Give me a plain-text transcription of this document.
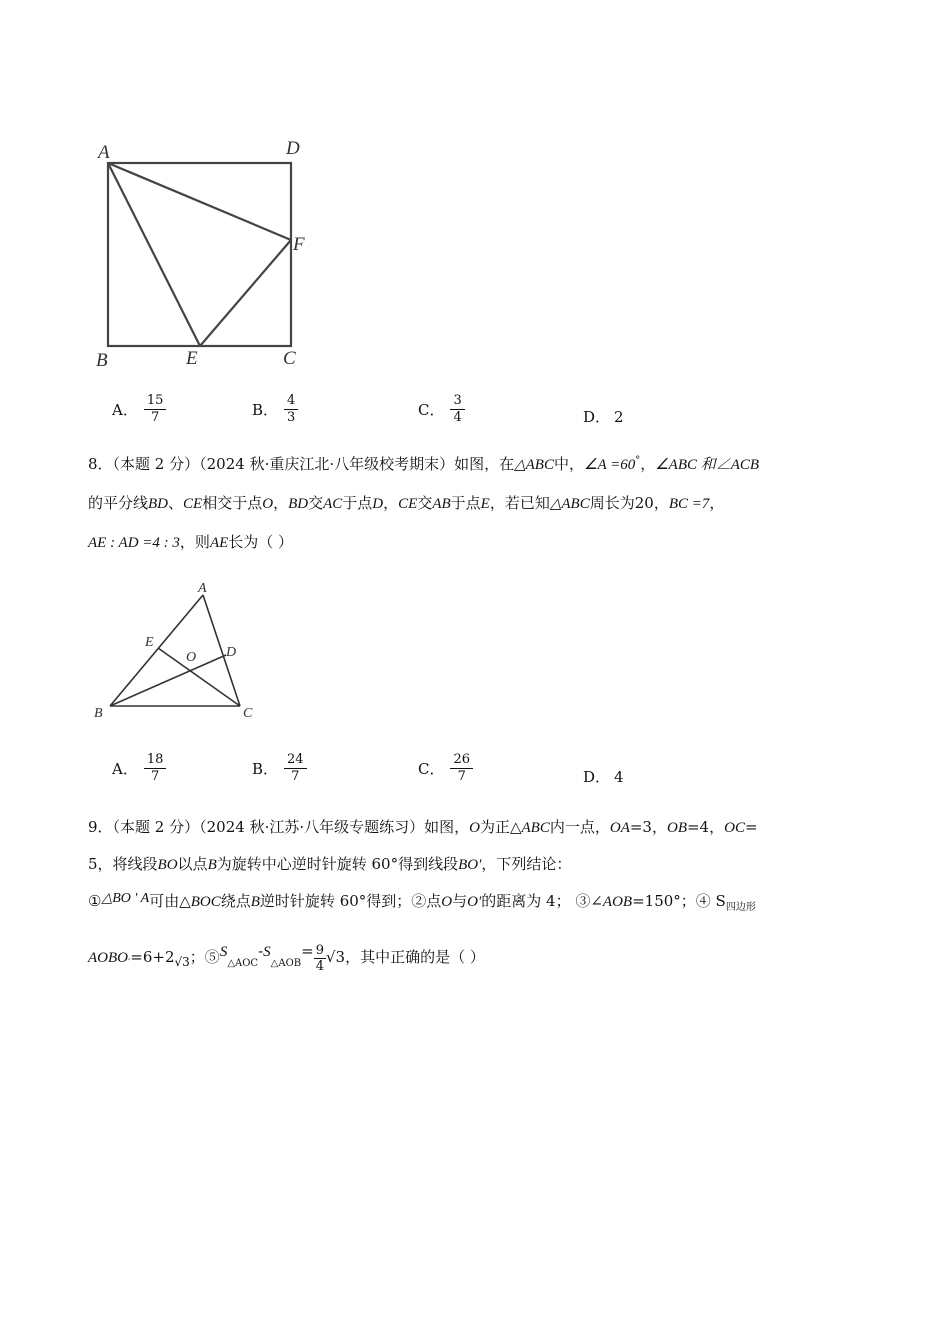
A	D
F
B	E	C
A． $\frac{15}{7}$	B． $\frac{4}{3}$	C． $\frac{3}{4}$	D． 2
8．（本题 2 分）（2024 秋·重庆江北·八年级校考期末）如图，在△ABC中，∠A =60°，∠ABC 和∠ACB
的平分线BD、CE相交于点O，BD交AC于点D，CE交AB于点E，若已知△ABC周长为20，BC =7，
AE : AD =4 : 3，则AE长为（ ）
A
E
O D
B	C
A． $\frac{18}{7}$	B． $\frac{24}{7}$	C． $\frac{26}{7}$	D． 4
9．（本题 2 分）（2024 秋·江苏·八年级专题练习）如图，O为正△ABC内一点，OA=3，OB=4，OC=
5，将线段BO以点B为旋转中心逆时针旋转 60°得到线段BO′，下列结论：
①△BO ' A可由△BOC绕点B逆时针旋转 60°得到；②点O与O′的距离为 4； ③∠AOB=150°；④ $S_{四边形}$
$AOBO'=6+2_{√3}$；$⑤S_{\triangle AOC}-S_{\triangle AOB}= \frac{9}{4} √3$，其中正确的是（ ）
